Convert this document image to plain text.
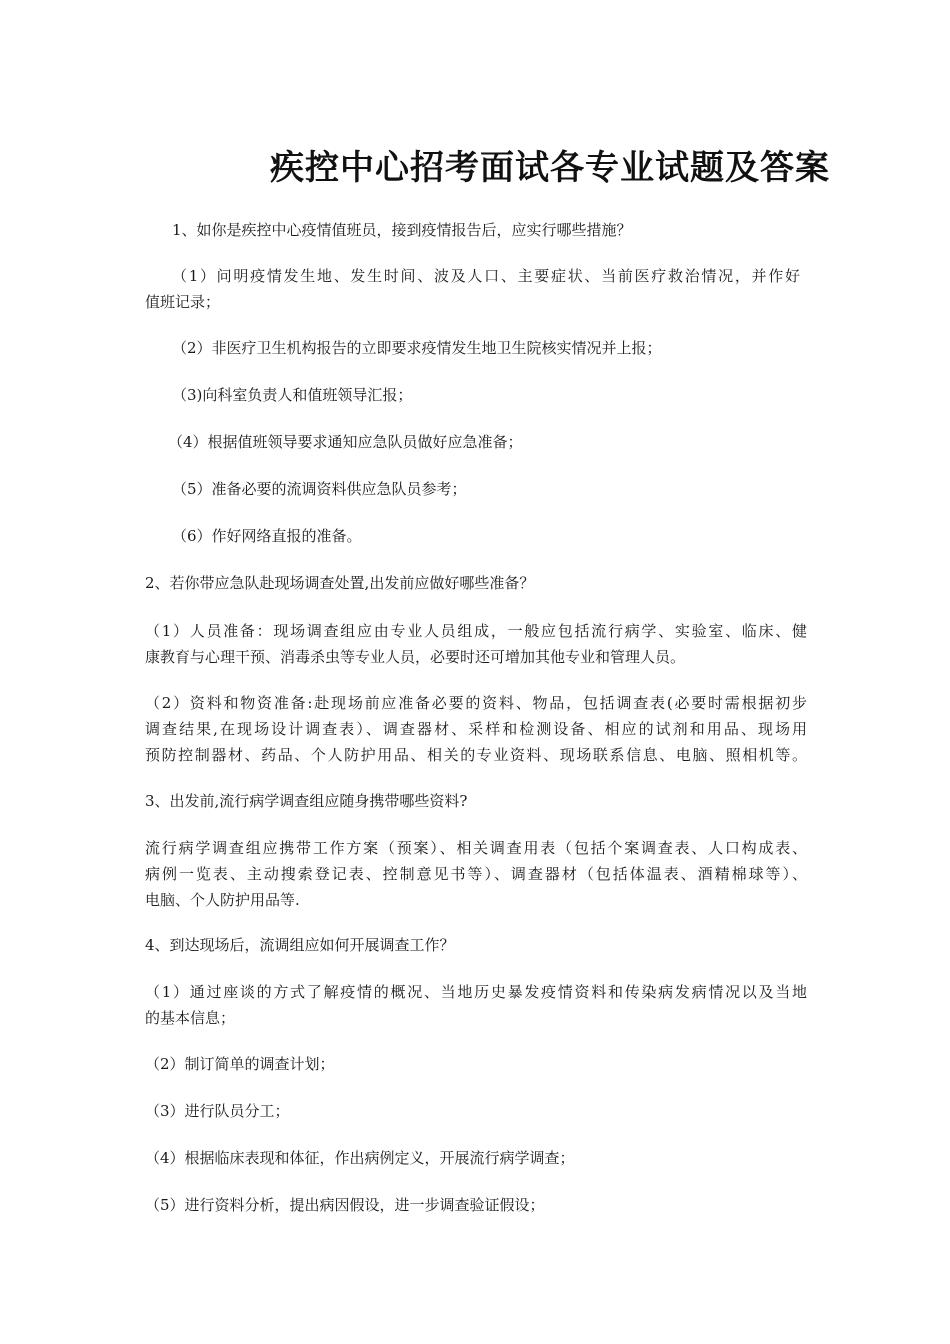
疾控中心招考面试各专业试题及答案
1、如你是疾控中心疫情值班员，接到疫情报告后，应实行哪些措施？
（1）问明疫情发生地、发生时间、波及人口、主要症状、当前医疗救治情况，并作好
值班记录；
（2）非医疗卫生机构报告的立即要求疫情发生地卫生院核实情况并上报；
（3)向科室负责人和值班领导汇报；
（4）根据值班领导要求通知应急队员做好应急准备；
（5）准备必要的流调资料供应急队员参考；
（6）作好网络直报的准备。
2、若你带应急队赴现场调查处置,出发前应做好哪些准备？
（1）人员准备：现场调查组应由专业人员组成，一般应包括流行病学、实验室、临床、健
康教育与心理干预、消毒杀虫等专业人员，必要时还可增加其他专业和管理人员。
（2）资料和物资准备:赴现场前应准备必要的资料、物品，包括调查表(必要时需根据初步
调查结果,在现场设计调查表）、调查器材、采样和检测设备、相应的试剂和用品、现场用
预防控制器材、药品、个人防护用品、相关的专业资料、现场联系信息、电脑、照相机等。
3、出发前,流行病学调查组应随身携带哪些资料?
流行病学调查组应携带工作方案（预案）、相关调查用表（包括个案调查表、人口构成表、
病例一览表、主动搜索登记表、控制意见书等）、调查器材（包括体温表、酒精棉球等）、
电脑、个人防护用品等.
4、到达现场后，流调组应如何开展调查工作？
（1）通过座谈的方式了解疫情的概况、当地历史暴发疫情资料和传染病发病情况以及当地
的基本信息；
（2）制订简单的调查计划；
（3）进行队员分工；
（4）根据临床表现和体征，作出病例定义，开展流行病学调查；
（5）进行资料分析，提出病因假设，进一步调查验证假设；
